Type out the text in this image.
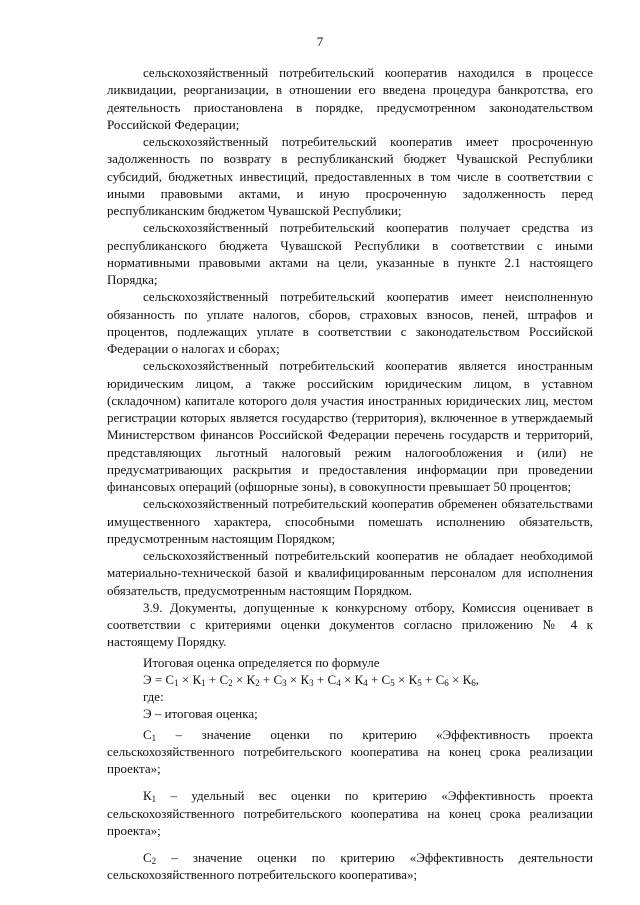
7

сельскохозяйственный потребительский кооператив находился в процессе ликвидации, реорганизации, в отношении его введена процедура банкротства, его деятельность приостановлена в порядке, предусмотренном законодательством Российской Федерации;

сельскохозяйственный потребительский кооператив имеет просроченную задолженность по возврату в республиканский бюджет Чувашской Республики субсидий, бюджетных инвестиций, предоставленных в том числе в соответствии с иными правовыми актами, и иную просроченную задолженность перед республиканским бюджетом Чувашской Республики;

сельскохозяйственный потребительский кооператив получает средства из республиканского бюджета Чувашской Республики в соответствии с иными нормативными правовыми актами на цели, указанные в пункте 2.1 настоящего Порядка;

сельскохозяйственный потребительский кооператив имеет неисполненную обязанность по уплате налогов, сборов, страховых взносов, пеней, штрафов и процентов, подлежащих уплате в соответствии с законодательством Российской Федерации о налогах и сборах;

сельскохозяйственный потребительский кооператив является иностранным юридическим лицом, а также российским юридическим лицом, в уставном (складочном) капитале которого доля участия иностранных юридических лиц, местом регистрации которых является государство (территория), включенное в утверждаемый Министерством финансов Российской Федерации перечень государств и территорий, представляющих льготный налоговый режим налогообложения и (или) не предусматривающих раскрытия и предоставления информации при проведении финансовых операций (офшорные зоны), в совокупности превышает 50 процентов;

сельскохозяйственный потребительский кооператив обременен обязательствами имущественного характера, способными помешать исполнению обязательств, предусмотренным настоящим Порядком;

сельскохозяйственный потребительский кооператив не обладает необходимой материально-технической базой и квалифицированным персоналом для исполнения обязательств, предусмотренным настоящим Порядком.

3.9. Документы, допущенные к конкурсному отбору, Комиссия оценивает в соответствии с критериями оценки документов согласно приложению № 4 к настоящему Порядку.

Итоговая оценка определяется по формуле

$Э = С_1 \times К_1 + С_2 \times К_2 + С_3 \times К_3 + С_4 \times К_4 + С_5 \times К_5 + С_6 \times К_6$,

где:

Э – итоговая оценка;

$С_1$ – значение оценки по критерию «Эффективность проекта сельскохозяйственного потребительского кооператива на конец срока реализации проекта»;

$К_1$ – удельный вес оценки по критерию «Эффективность проекта сельскохозяйственного потребительского кооператива на конец срока реализации проекта»;

$С_2$ – значение оценки по критерию «Эффективность деятельности сельскохозяйственного потребительского кооператива»;
